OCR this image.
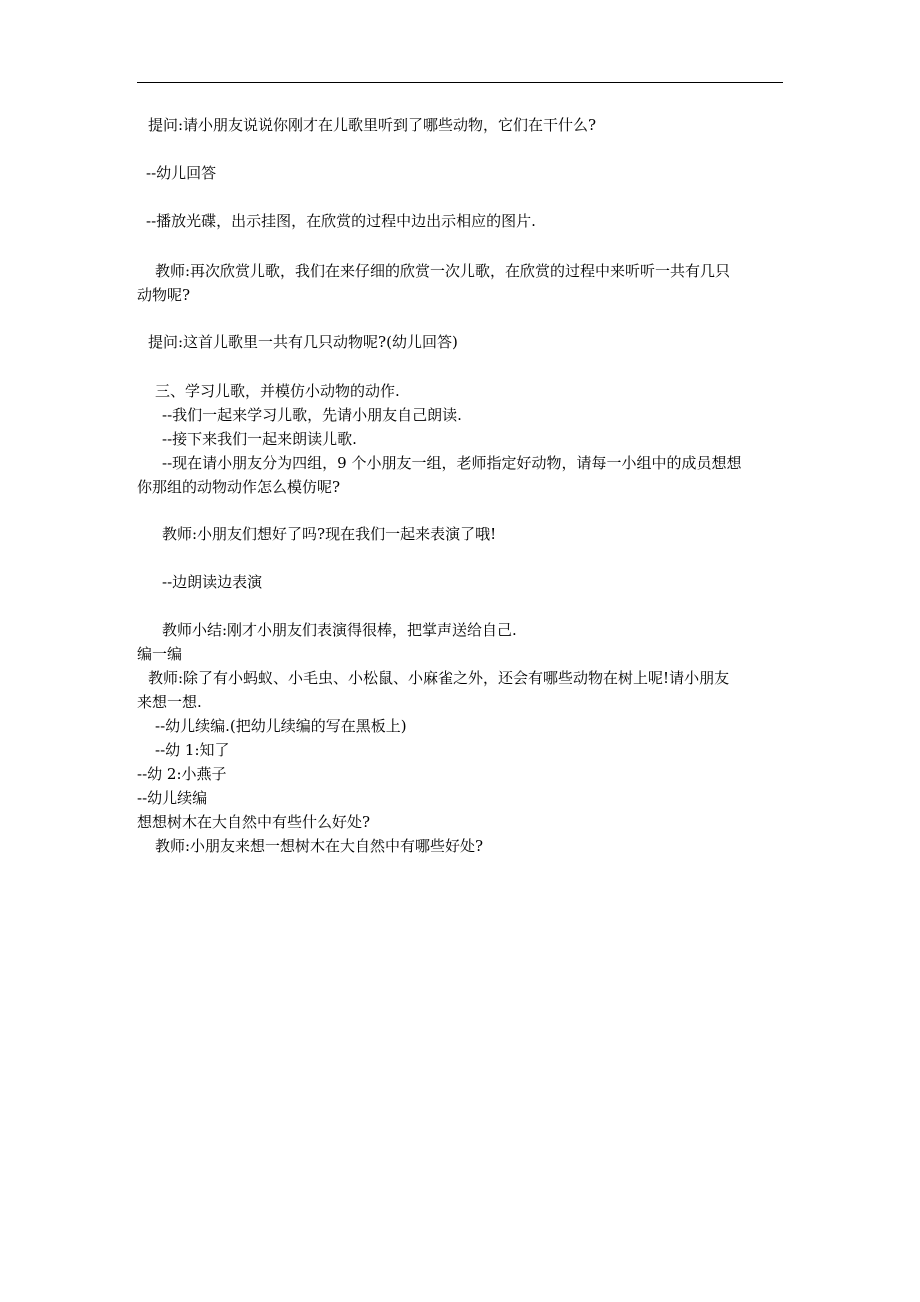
提问:请小朋友说说你刚才在儿歌里听到了哪些动物，它们在干什么?
--幼儿回答
--播放光碟，出示挂图，在欣赏的过程中边出示相应的图片.
教师:再次欣赏儿歌，我们在来仔细的欣赏一次儿歌，在欣赏的过程中来听听一共有几只
动物呢?
提问:这首儿歌里一共有几只动物呢?(幼儿回答)
三、学习儿歌，并模仿小动物的动作.
--我们一起来学习儿歌，先请小朋友自己朗读.
--接下来我们一起来朗读儿歌.
--现在请小朋友分为四组，9 个小朋友一组，老师指定好动物，请每一小组中的成员想想
你那组的动物动作怎么模仿呢?
教师:小朋友们想好了吗?现在我们一起来表演了哦!
--边朗读边表演
教师小结:刚才小朋友们表演得很棒，把掌声送给自己.
编一编
教师:除了有小蚂蚁、小毛虫、小松鼠、小麻雀之外，还会有哪些动物在树上呢!请小朋友
来想一想.
--幼儿续编.(把幼儿续编的写在黑板上)
--幼 1:知了
--幼 2:小燕子
--幼儿续编
想想树木在大自然中有些什么好处?
教师:小朋友来想一想树木在大自然中有哪些好处?
